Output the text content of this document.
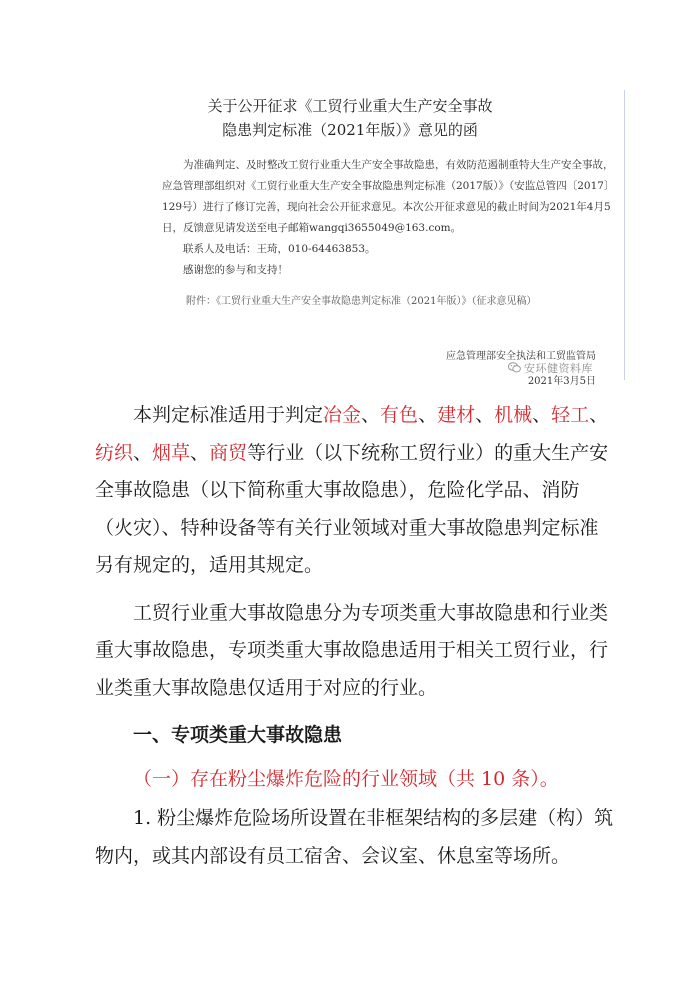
关于公开征求《工贸行业重大生产安全事故
隐患判定标准（2021年版）》意见的函

为准确判定、及时整改工贸行业重大生产安全事故隐患，有效防范遏制重特大生产安全事故，应急管理部组织对《工贸行业重大生产安全事故隐患判定标准（2017版）》（安监总管四〔2017〕129号）进行了修订完善，现向社会公开征求意见。本次公开征求意见的截止时间为2021年4月5日，反馈意见请发送至电子邮箱wangqi3655049@163.com。

联系人及电话：王琦，010-64463853。

感谢您的参与和支持！

附件：《工贸行业重大生产安全事故隐患判定标准（2021年版）》（征求意见稿）
应急管理部安全执法和工贸监管局
2021年3月5日
安环健资料库

本判定标准适用于判定冶金、有色、建材、机械、轻工、纺织、烟草、商贸等行业（以下统称工贸行业）的重大生产安全事故隐患（以下简称重大事故隐患），危险化学品、消防（火灾）、特种设备等有关行业领域对重大事故隐患判定标准另有规定的，适用其规定。

工贸行业重大事故隐患分为专项类重大事故隐患和行业类重大事故隐患，专项类重大事故隐患适用于相关工贸行业，行业类重大事故隐患仅适用于对应的行业。

一、专项类重大事故隐患

（一）存在粉尘爆炸危险的行业领域（共 10 条）。

1. 粉尘爆炸危险场所设置在非框架结构的多层建（构）筑物内，或其内部设有员工宿舍、会议室、休息室等场所。
